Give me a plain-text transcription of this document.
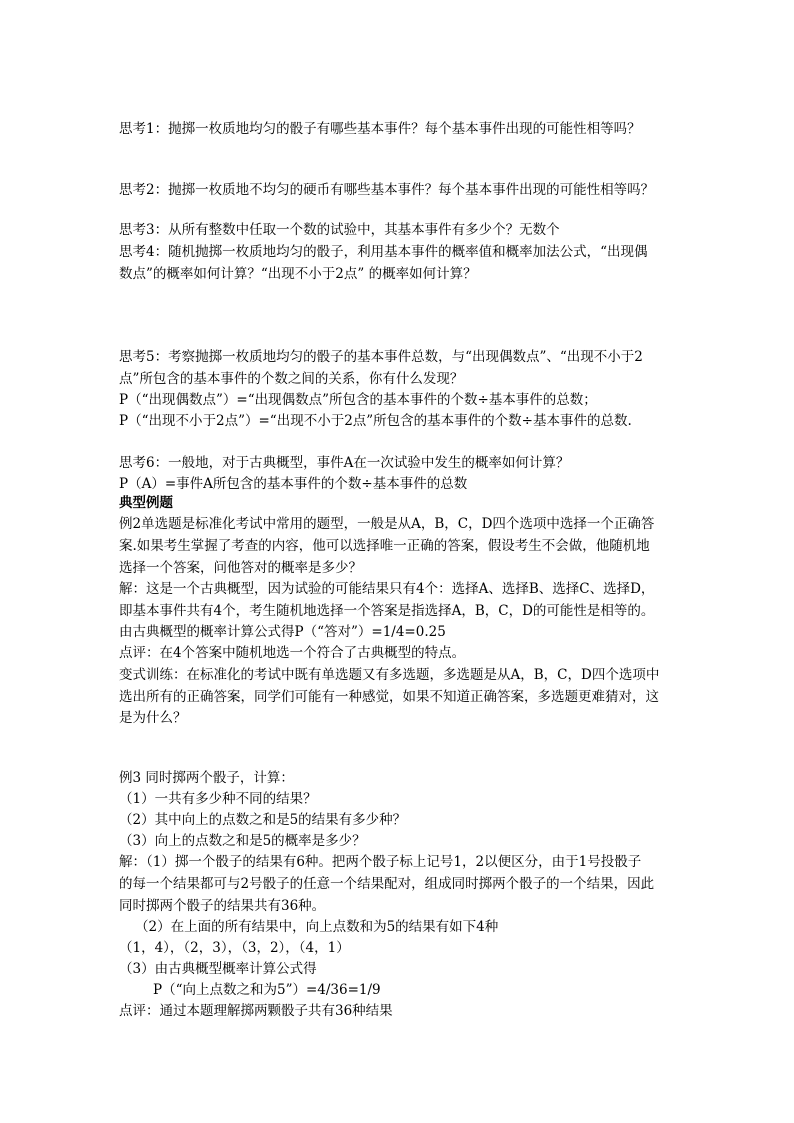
思考1：抛掷一枚质地均匀的骰子有哪些基本事件？每个基本事件出现的可能性相等吗？
思考2：抛掷一枚质地不均匀的硬币有哪些基本事件？每个基本事件出现的可能性相等吗？
思考3：从所有整数中任取一个数的试验中，其基本事件有多少个？无数个
思考4：随机抛掷一枚质地均匀的骰子，利用基本事件的概率值和概率加法公式，“出现偶
数点”的概率如何计算？“出现不小于2点” 的概率如何计算？
思考5：考察抛掷一枚质地均匀的骰子的基本事件总数，与“出现偶数点”、“出现不小于2
点”所包含的基本事件的个数之间的关系，你有什么发现？
P（“出现偶数点”）=“出现偶数点”所包含的基本事件的个数÷基本事件的总数；
P（“出现不小于2点”）=“出现不小于2点”所包含的基本事件的个数÷基本事件的总数.
思考6：一般地，对于古典概型，事件A在一次试验中发生的概率如何计算？
P（A）=事件A所包含的基本事件的个数÷基本事件的总数
典型例题
例2单选题是标准化考试中常用的题型，一般是从A，B，C，D四个选项中选择一个正确答
案.如果考生掌握了考查的内容，他可以选择唯一正确的答案，假设考生不会做，他随机地
选择一个答案，问他答对的概率是多少？
解：这是一个古典概型，因为试验的可能结果只有4个：选择A、选择B、选择C、选择D，
即基本事件共有4个，考生随机地选择一个答案是指选择A，B，C，D的可能性是相等的。
由古典概型的概率计算公式得P（“答对”）=1/4=0.25
点评：在4个答案中随机地选一个符合了古典概型的特点。
变式训练：在标准化的考试中既有单选题又有多选题，多选题是从A，B，C，D四个选项中
选出所有的正确答案，同学们可能有一种感觉，如果不知道正确答案，多选题更难猜对，这
是为什么？
例3 同时掷两个骰子，计算：
（1）一共有多少种不同的结果？
（2）其中向上的点数之和是5的结果有多少种？
（3）向上的点数之和是5的概率是多少？
解：（1）掷一个骰子的结果有6种。把两个骰子标上记号1，2以便区分，由于1号投骰子
的每一个结果都可与2号骰子的任意一个结果配对，组成同时掷两个骰子的一个结果，因此
同时掷两个骰子的结果共有36种。
（2）在上面的所有结果中，向上点数和为5的结果有如下4种
（1，4），（2，3），（3，2），（4，1）
（3）由古典概型概率计算公式得
P（“向上点数之和为5”）=4/36=1/9
点评：通过本题理解掷两颗骰子共有36种结果
